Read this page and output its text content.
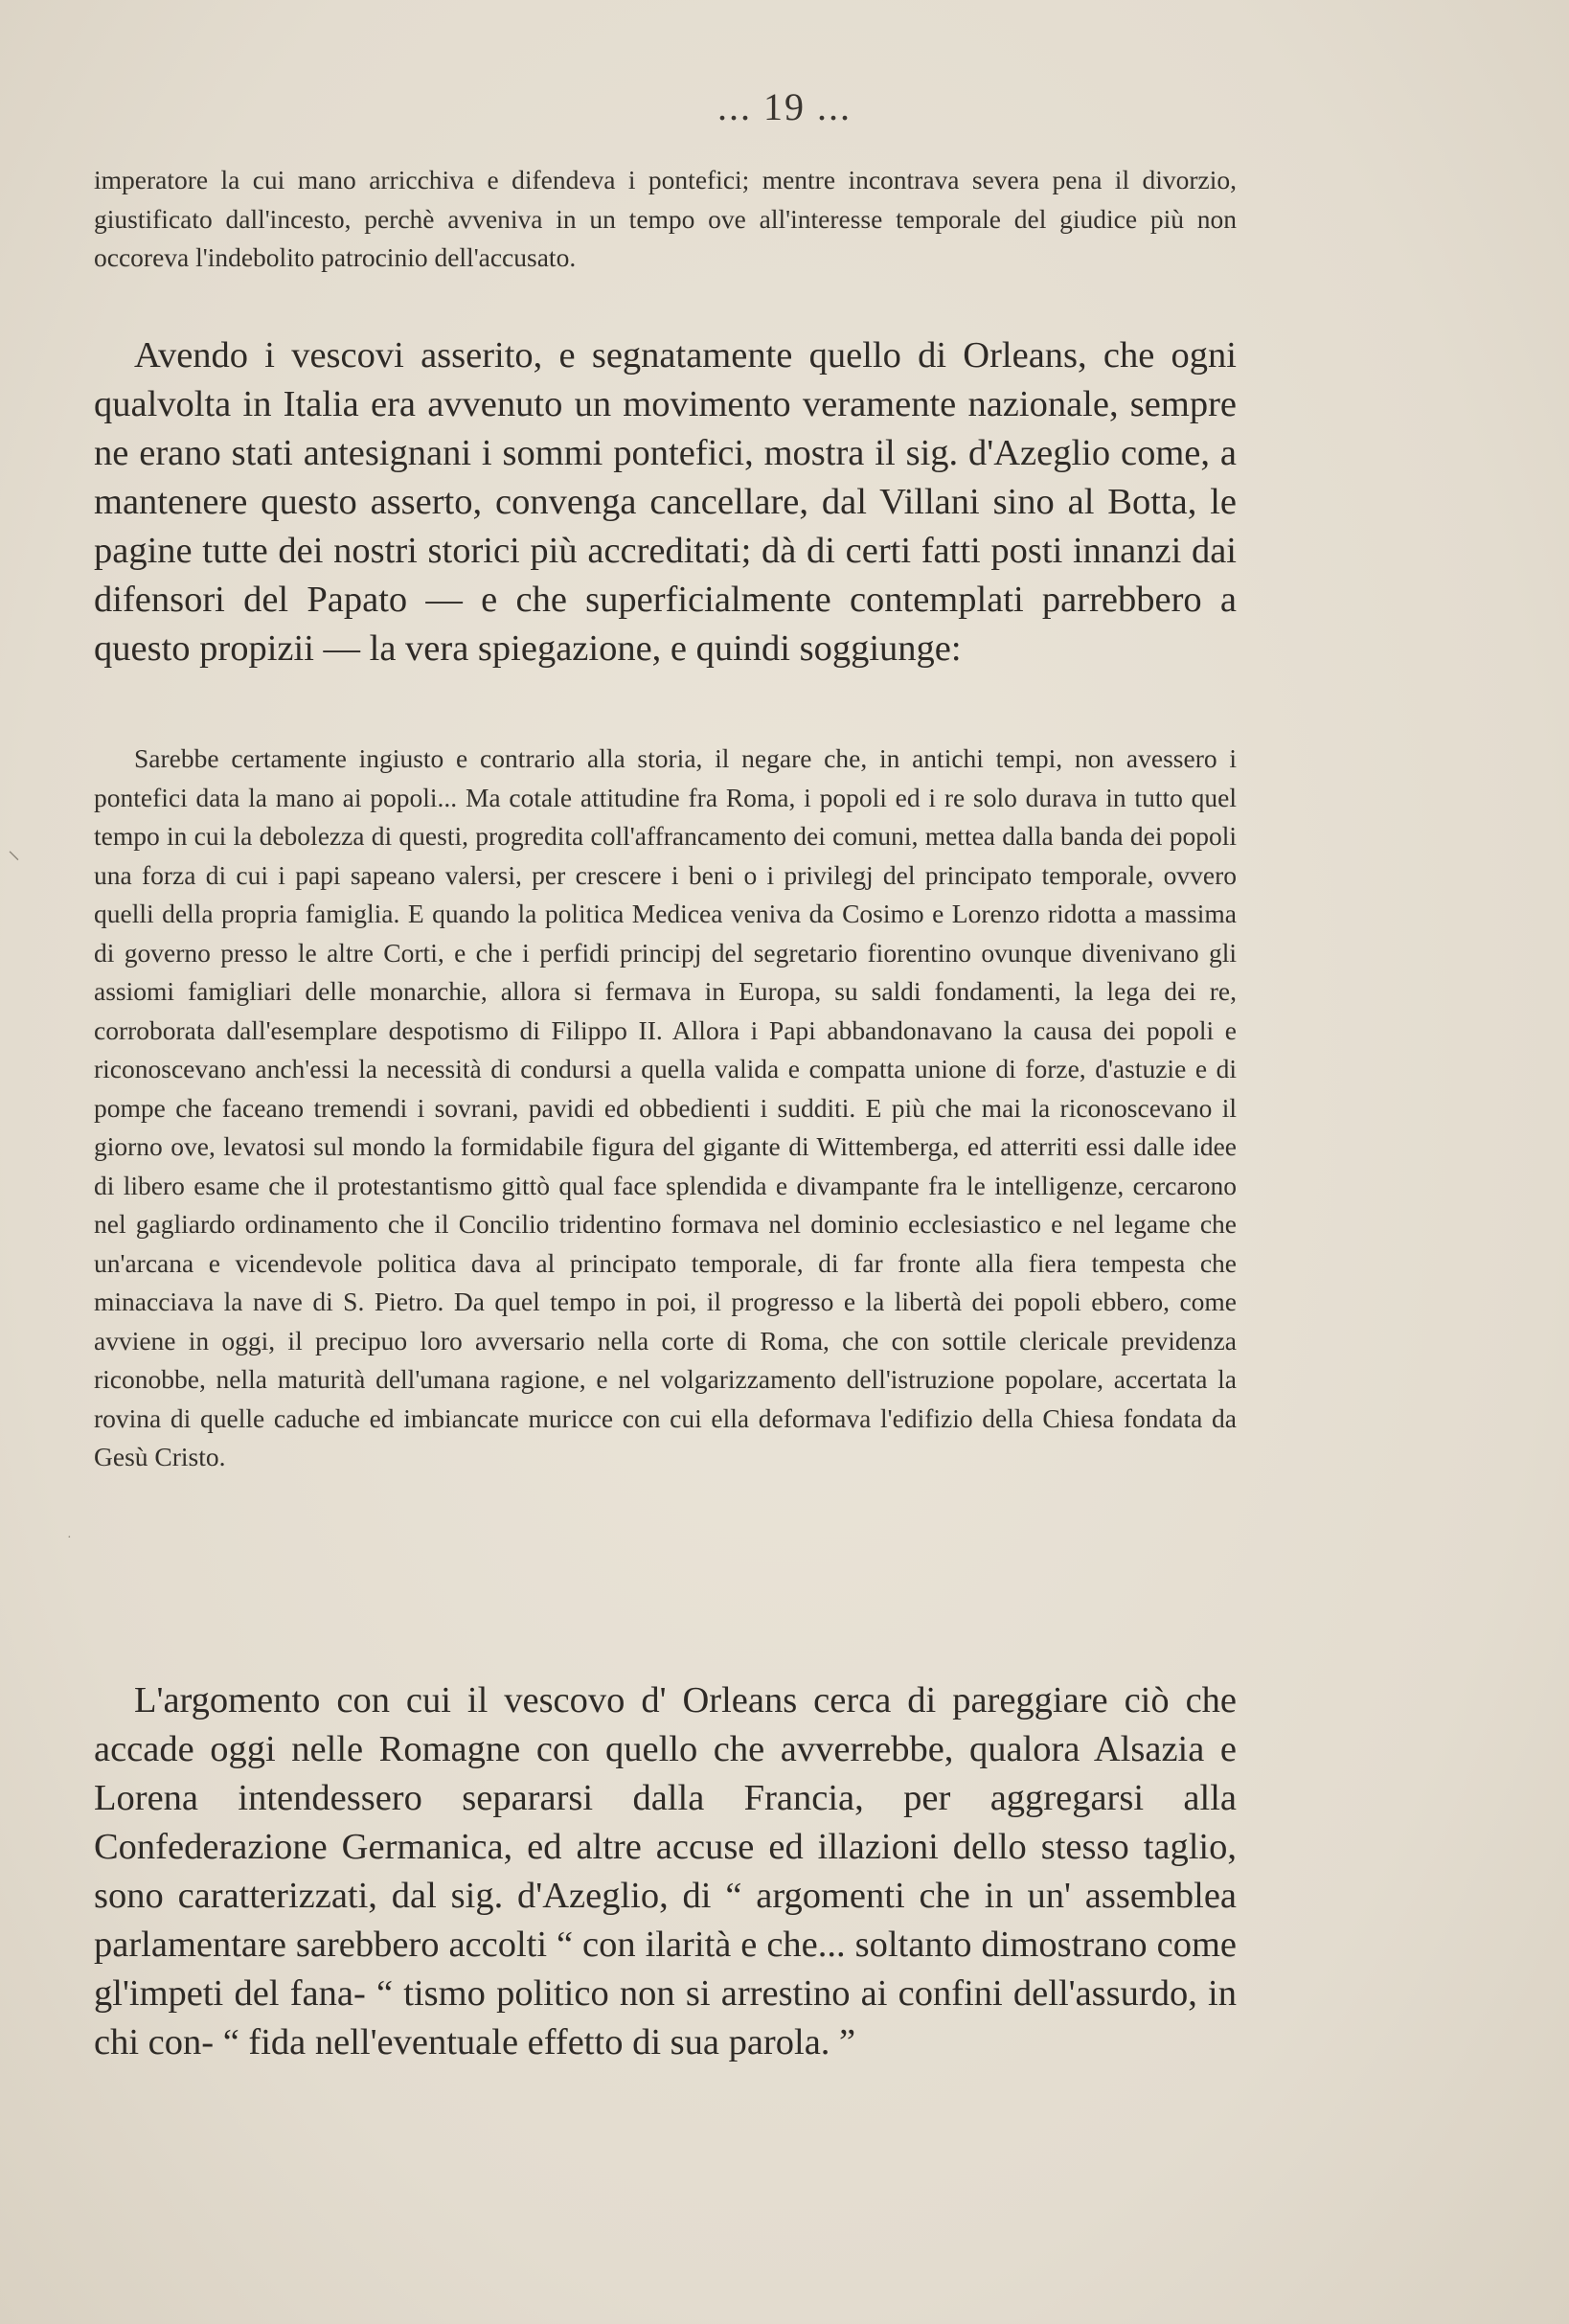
... 19 ...

imperatore la cui mano arricchiva e difendeva i pontefici; mentre incontrava severa pena il divorzio, giustificato dall'incesto, perchè avveniva in un tempo ove all'interesse temporale del giudice più non occoreva l'indebolito patrocinio dell'accusato.

Avendo i vescovi asserito, e segnatamente quello di Orleans, che ogni qualvolta in Italia era avvenuto un movimento veramente nazionale, sempre ne erano stati antesignani i sommi pontefici, mostra il sig. d'Azeglio come, a mantenere questo asserto, convenga cancellare, dal Villani sino al Botta, le pagine tutte dei nostri storici più accreditati; dà di certi fatti posti innanzi dai difensori del Papato — e che superficialmente contemplati parrebbero a questo propizii — la vera spiegazione, e quindi soggiunge:

Sarebbe certamente ingiusto e contrario alla storia, il negare che, in antichi tempi, non avessero i pontefici data la mano ai popoli... Ma cotale attitudine fra Roma, i popoli ed i re solo durava in tutto quel tempo in cui la debolezza di questi, progredita coll'affrancamento dei comuni, mettea dalla banda dei popoli una forza di cui i papi sapeano valersi, per crescere i beni o i privilegj del principato temporale, ovvero quelli della propria famiglia. E quando la politica Medicea veniva da Cosimo e Lorenzo ridotta a massima di governo presso le altre Corti, e che i perfidi principj del segretario fiorentino ovunque divenivano gli assiomi famigliari delle monarchie, allora si fermava in Europa, su saldi fondamenti, la lega dei re, corroborata dall'esemplare despotismo di Filippo II. Allora i Papi abbandonavano la causa dei popoli e riconoscevano anch'essi la necessità di condursi a quella valida e compatta unione di forze, d'astuzie e di pompe che faceano tremendi i sovrani, pavidi ed obbedienti i sudditi. E più che mai la riconoscevano il giorno ove, levatosi sul mondo la formidabile figura del gigante di Wittemberga, ed atterriti essi dalle idee di libero esame che il protestantismo gittò qual face splendida e divampante fra le intelligenze, cercarono nel gagliardo ordinamento che il Concilio tridentino formava nel dominio ecclesiastico e nel legame che un'arcana e vicendevole politica dava al principato temporale, di far fronte alla fiera tempesta che minacciava la nave di S. Pietro. Da quel tempo in poi, il progresso e la libertà dei popoli ebbero, come avviene in oggi, il precipuo loro avversario nella corte di Roma, che con sottile clericale previdenza riconobbe, nella maturità dell'umana ragione, e nel volgarizzamento dell'istruzione popolare, accertata la rovina di quelle caduche ed imbiancate muricce con cui ella deformava l'edifizio della Chiesa fondata da Gesù Cristo.

L'argomento con cui il vescovo d' Orleans cerca di pareggiare ciò che accade oggi nelle Romagne con quello che avverrebbe, qualora Alsazia e Lorena intendessero separarsi dalla Francia, per aggregarsi alla Confederazione Germanica, ed altre accuse ed illazioni dello stesso taglio, sono caratterizzati, dal sig. d'Azeglio, di “ argomenti che in un' assemblea parlamentare sarebbero accolti “ con ilarità e che... soltanto dimostrano come gl'impeti del fana- “ tismo politico non si arrestino ai confini dell'assurdo, in chi con- “ fida nell'eventuale effetto di sua parola. ”

⸜
·
